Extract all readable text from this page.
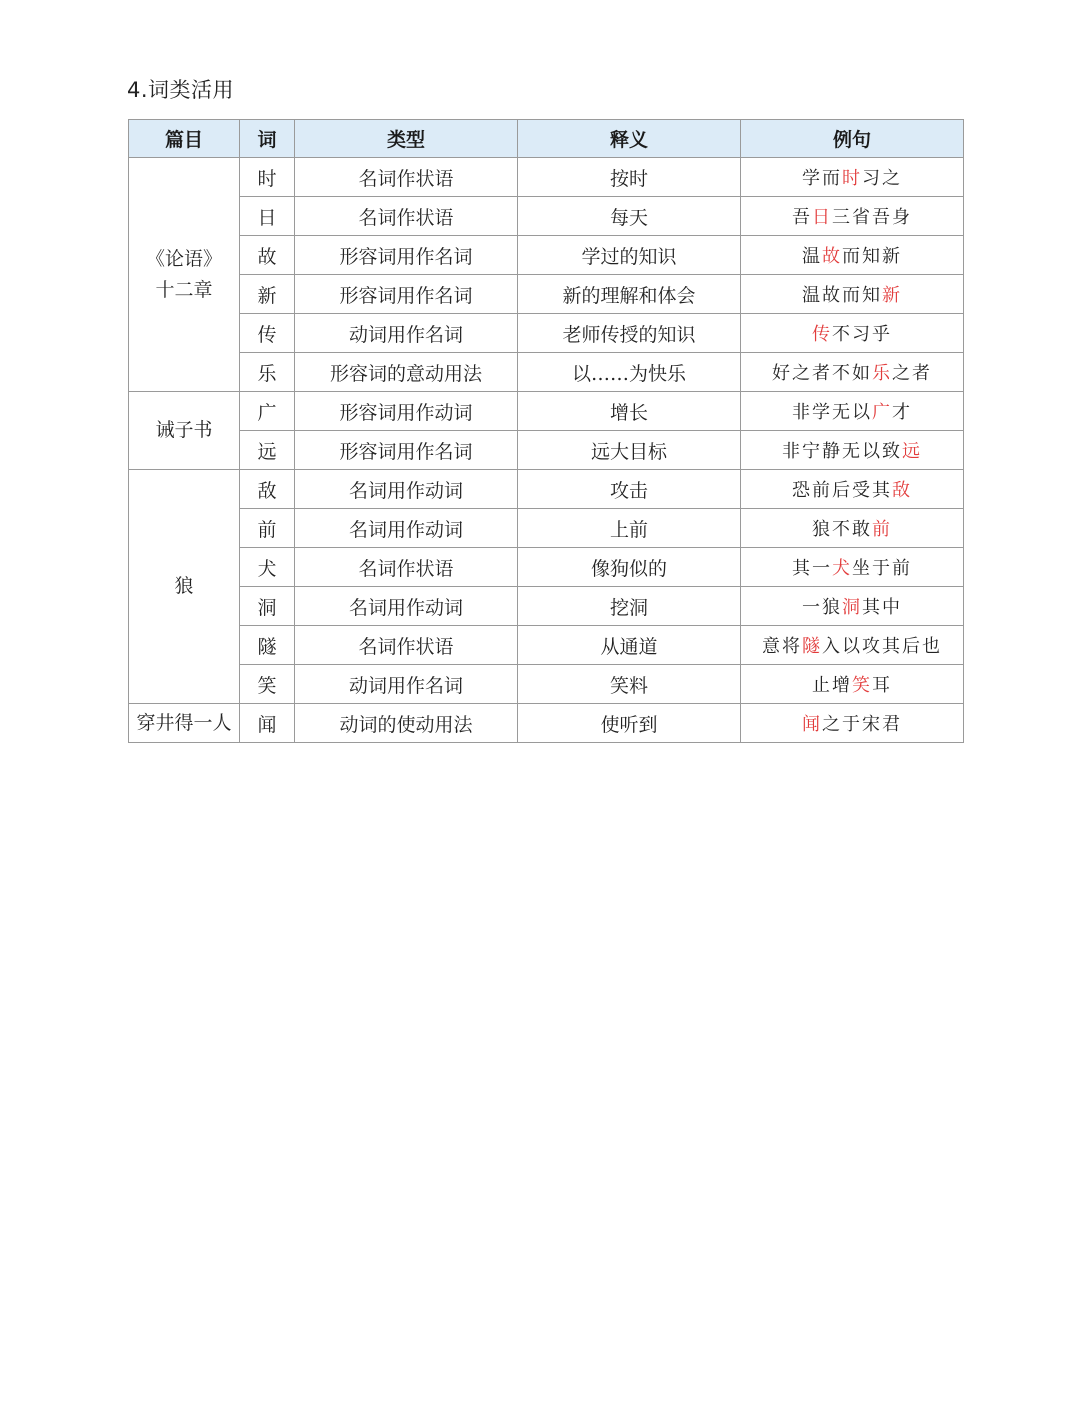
4.词类活用
篇目	词	类型	释义	例句
《论语》
十二章	时	名词作状语	按时	学而时习之
	日	名词作状语	每天	吾日三省吾身
	故	形容词用作名词	学过的知识	温故而知新
	新	形容词用作名词	新的理解和体会	温故而知新
	传	动词用作名词	老师传授的知识	传不习乎
	乐	形容词的意动用法	以……为快乐	好之者不如乐之者
诫子书	广	形容词用作动词	增长	非学无以广才
	远	形容词用作名词	远大目标	非宁静无以致远
狼	敌	名词用作动词	攻击	恐前后受其敌
	前	名词用作动词	上前	狼不敢前
	犬	名词作状语	像狗似的	其一犬坐于前
	洞	名词用作动词	挖洞	一狼洞其中
	隧	名词作状语	从通道	意将隧入以攻其后也
	笑	动词用作名词	笑料	止增笑耳
穿井得一人	闻	动词的使动用法	使听到	闻之于宋君
